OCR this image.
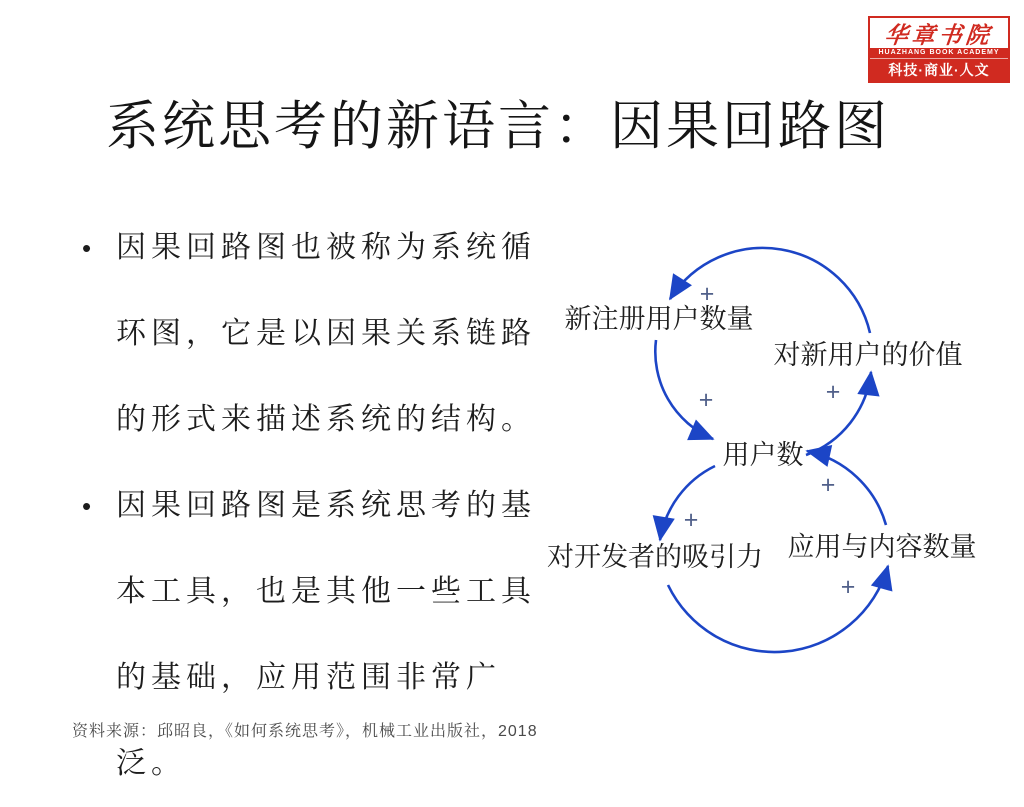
华章书院
HUAZHANG BOOK ACADEMY
科技·商业·人文
系统思考的新语言：因果回路图
• 因果回路图也被称为系统循
环图，它是以因果关系链路
的形式来描述系统的结构。
• 因果回路图是系统思考的基
本工具，也是其他一些工具
的基础，应用范围非常广泛。
新注册用户数量
对新用户的价值
用户数
对开发者的吸引力 应用与内容数量
+
+	+
+
+
+
资料来源：邱昭良，《如何系统思考》，机械工业出版社，2018
